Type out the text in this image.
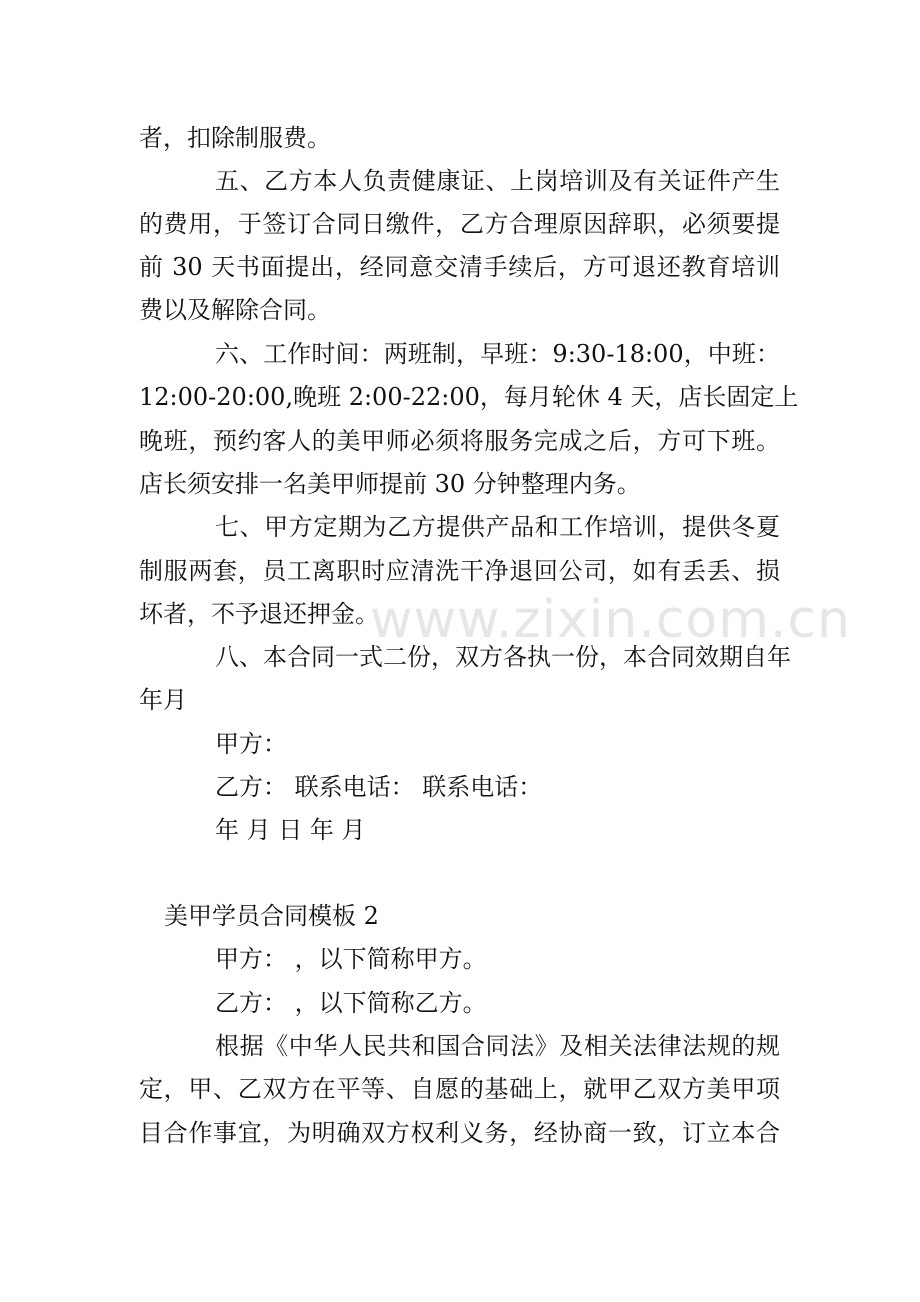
www.zixin.com.cn
者，扣除制服费。
五、乙方本人负责健康证、上岗培训及有关证件产生
的费用，于签订合同日缴件，乙方合理原因辞职，必须要提
前 30 天书面提出，经同意交清手续后，方可退还教育培训
费以及解除合同。
六、工作时间：两班制，早班：9:30-18:00，中班：
12:00-20:00,晚班 2:00-22:00，每月轮休 4 天，店长固定上
晚班，预约客人的美甲师必须将服务完成之后，方可下班。
店长须安排一名美甲师提前 30 分钟整理内务。
七、甲方定期为乙方提供产品和工作培训，提供冬夏
制服两套，员工离职时应清洗干净退回公司，如有丢丢、损
坏者，不予退还押金。
八、本合同一式二份，双方各执一份，本合同效期自年
年月
甲方：
乙方： 联系电话： 联系电话：
年 月 日 年 月
美甲学员合同模板 2
甲方： ，以下简称甲方。
乙方： ，以下简称乙方。
根据《中华人民共和国合同法》及相关法律法规的规
定，甲、乙双方在平等、自愿的基础上，就甲乙双方美甲项
目合作事宜，为明确双方权利义务，经协商一致，订立本合
